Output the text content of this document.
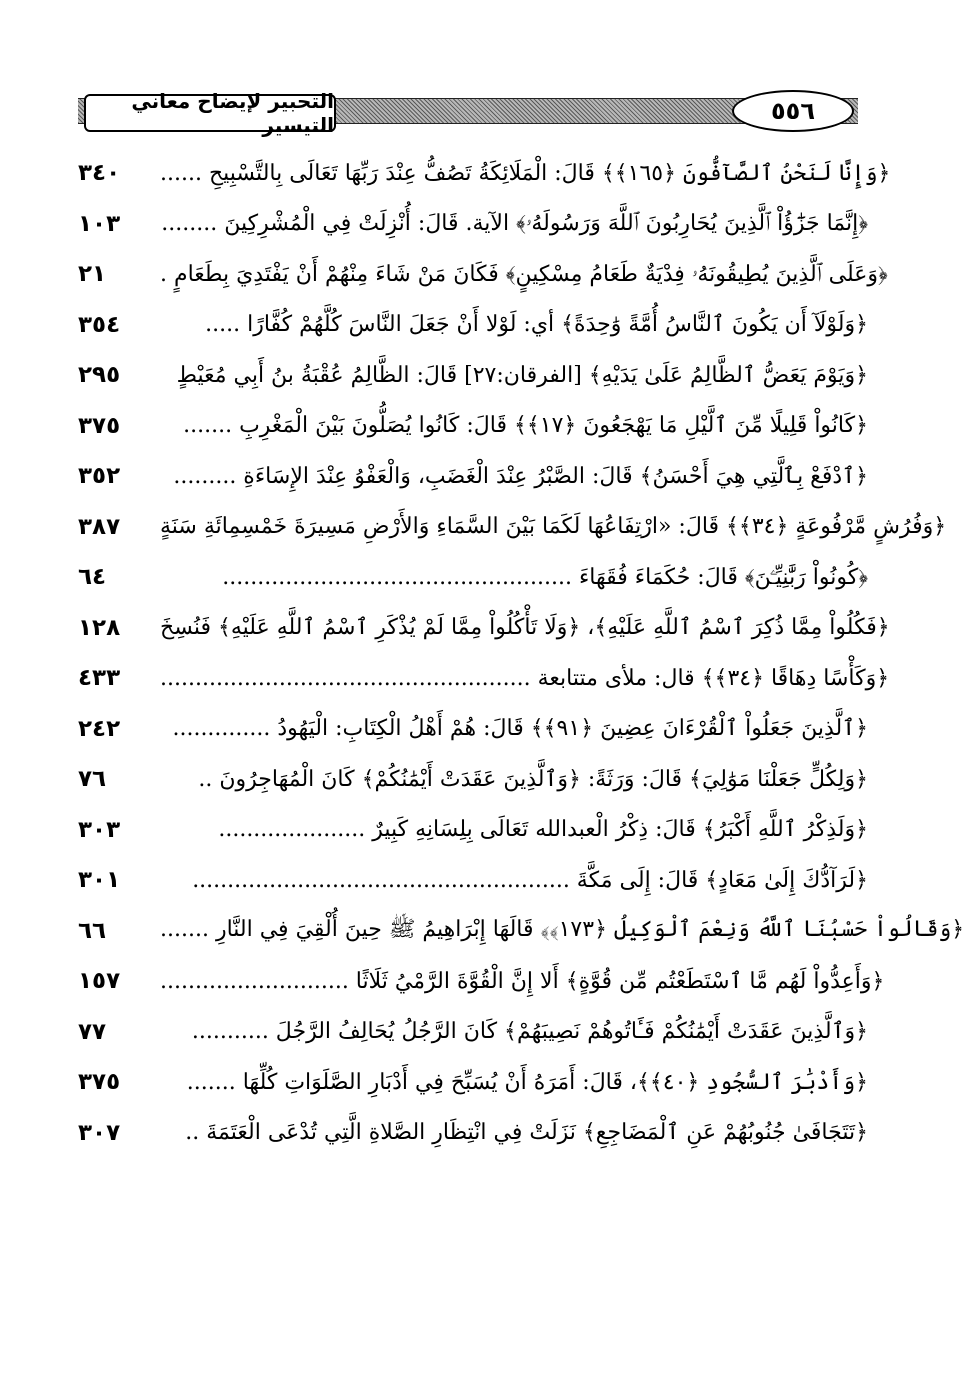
التحبير لإيضاح معاني التيسير	٥٥٦
٣٤٠	﴿وَإِنَّا لَنَحْنُ ٱلصَّآفُّونَ ﴿١٦٥﴾﴾ قَالَ: الْمَلَائِكَةُ تَصُفُّ عِنْدَ رَبِّهَا تَعَالَى بِالتَّسْبِيحِ ......
١٠٣	﴿إِنَّمَا جَزَٰٓؤُاْ ٱلَّذِينَ يُحَارِبُونَ ٱللَّهَ وَرَسُولَهُۥ﴾ الآية. قَالَ: أُنْزِلَتْ فِي الْمُشْرِكِينَ ........
٢١	﴿وَعَلَى ٱلَّذِينَ يُطِيقُونَهُۥ فِدْيَةٌ طَعَامُ مِسْكِينٍ﴾ فَكَانَ مَنْ شَاءَ مِنْهُمْ أَنْ يَفْتَدِيَ بِطَعَامٍ .
٣٥٤	﴿وَلَوْلَآ أَن يَكُونَ ٱلنَّاسُ أُمَّةً وَٰحِدَةً﴾ أي: لَوْلا أَنْ جَعَلَ النَّاسَ كُلَّهُمْ كُفَّارًا .....
٢٩٥	﴿وَيَوْمَ يَعَضُّ ٱلظَّالِمُ عَلَىٰ يَدَيْهِ﴾ [الفرقان:٢٧] قَالَ: الظَّالِمُ عُقْبَةُ بنُ أَبِي مُعَيْطٍ
٣٧٥	﴿كَانُواْ قَلِيلًا مِّنَ ٱلَّيْلِ مَا يَهْجَعُونَ ﴿١٧﴾﴾ قَالَ: كَانُوا يُصَلُّونَ بَيْنَ الْمَغْرِبِ .......
٣٥٢	﴿ٱدْفَعْ بِٱلَّتِي هِيَ أَحْسَنُ﴾ قَالَ: الصَّبْرُ عِنْدَ الْغَضَبِ، وَالْعَفْوُ عِنْدَ الإِسَاءَةِ .........
٣٨٧	﴿وَفُرُشٍ مَّرْفُوعَةٍ ﴿٣٤﴾﴾ قَالَ: «ارْتِفَاعُهَا لَكَمَا بَيْنَ السَّمَاءِ وَالأَرْضِ مَسِيرَةَ خَمْسِمِائَةِ سَنَةٍ
٦٤	﴿كُونُواْ رَبَّٰنِيِّـۧنَ﴾ قَالَ: حُكَمَاءَ فُقَهَاءَ ..................................................
١٢٨	﴿فَكُلُواْ مِمَّا ذُكِرَ ٱسْمُ ٱللَّهِ عَلَيْهِ﴾، ﴿وَلَا تَأْكُلُواْ مِمَّا لَمْ يُذْكَرِ ٱسْمُ ٱللَّهِ عَلَيْهِ﴾ فَنُسِخَ
٤٣٣	﴿وَكَأْسًا دِهَاقًا ﴿٣٤﴾﴾ قال: ملأى متتابعة .....................................................
٢٤٢	﴿ٱلَّذِينَ جَعَلُواْ ٱلْقُرْءَانَ عِضِينَ ﴿٩١﴾﴾ قَالَ: هُمْ أَهْلُ الْكِتَابِ: الْيَهُودُ ..............
٧٦	﴿وَلِكُلٍّ جَعَلْنَا مَوَٰلِيَ﴾ قَالَ: وَرَثَةً: ﴿وَٱلَّذِينَ عَقَدَتْ أَيْمَٰنُكُمْ﴾ كَانَ الْمُهَاجِرُونَ ..
٣٠٣	﴿وَلَذِكْرُ ٱللَّهِ أَكْبَرُ﴾ قَالَ: ذِكْرُ الْعبدالله تَعَالَى بِلِسَانِهِ كَبِيرٌ .....................
٣٠١	﴿لَرَآدُّكَ إِلَىٰ مَعَادٍ﴾ قَالَ: إِلَى مَكَّةَ ......................................................
٦٦	﴿وَقَالُواْ حَسْبُنَا ٱللَّهُ وَنِعْمَ ٱلْوَكِيلُ ﴿١٧٣﴾﴾ قَالَهَا إِبْرَاهِيمُ ﷺ حِينَ أُلْقِيَ فِي النَّارِ .......
١٥٧	﴿وَأَعِدُّواْ لَهُم مَّا ٱسْتَطَعْتُم مِّن قُوَّةٍ﴾ أَلا إِنَّ الْقُوَّةَ الرَّمْيُ ثَلَاثًا ...........................
٧٧	﴿وَٱلَّذِينَ عَقَدَتْ أَيْمَٰنُكُمْ فَـَٔاتُوهُمْ نَصِيبَهُمْ﴾ كَانَ الرَّجُلُ يُحَالِفُ الرَّجُلَ ...........
٣٧٥	﴿وَأَدْبَٰرَ ٱلسُّجُودِ ﴿٤٠﴾﴾، قَالَ: أَمَرَهُ أَنْ يُسَبِّحَ فِي أَدْبَارِ الصَّلَوَاتِ كُلِّهَا .......
٣٠٧	﴿تَتَجَافَىٰ جُنُوبُهُمْ عَنِ ٱلْمَضَاجِعِ﴾ نَزَلَتْ فِي انْتِظَارِ الصَّلاةِ الَّتِي تُدْعَى الْعَتَمَةَ ..
